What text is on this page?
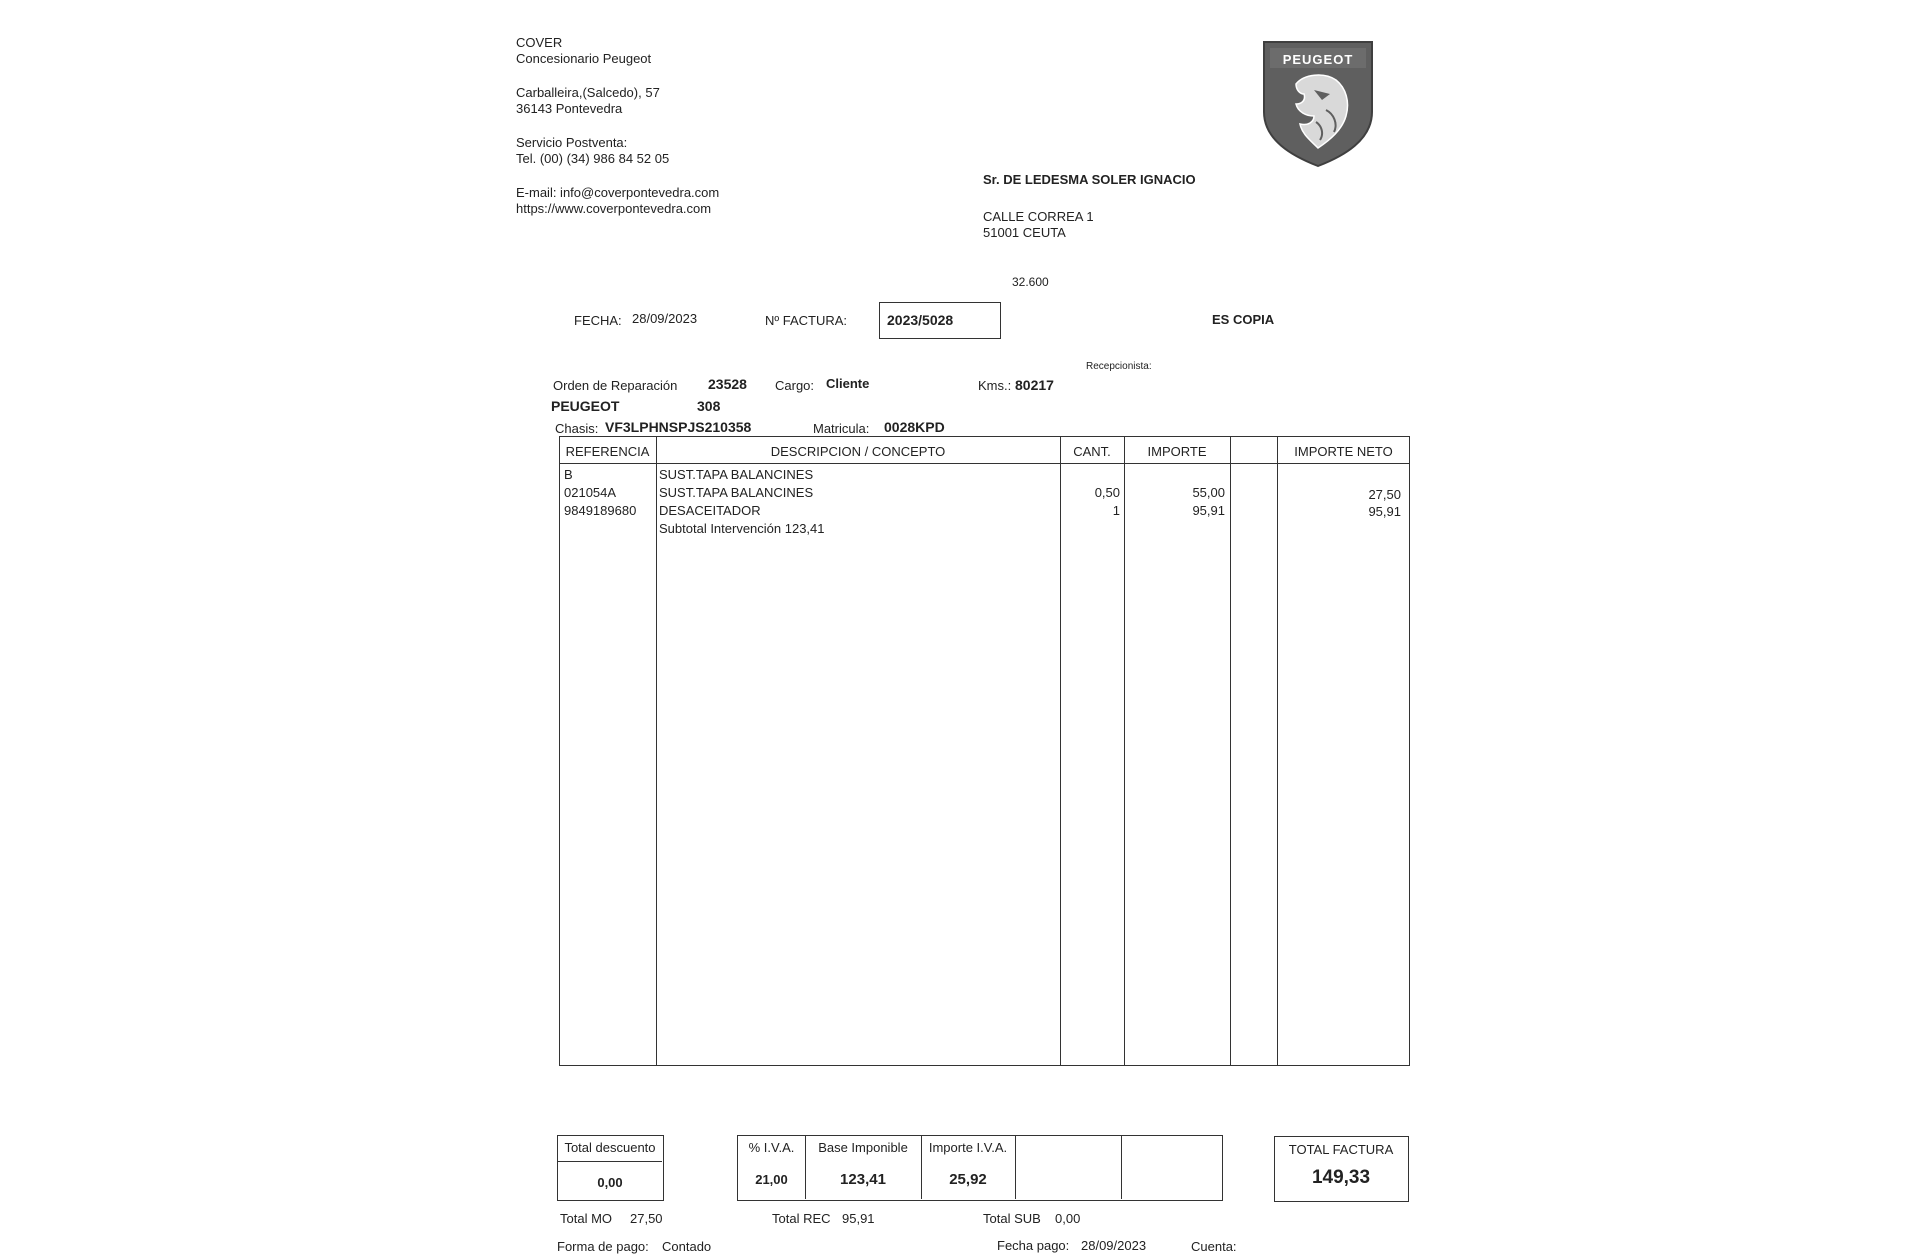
COVER
Concesionario Peugeot
Carballeira,(Salcedo), 57
36143 Pontevedra
Servicio Postventa:
Tel. (00) (34) 986 84 52 05
E-mail: info@coverpontevedra.com
https://www.coverpontevedra.com
PEUGEOT
Sr. DE LEDESMA SOLER IGNACIO
CALLE CORREA 1
51001 CEUTA
32.600
FECHA: 28/09/2023	Nº FACTURA:	2023/5028	ES COPIA
Recepcionista:
Orden de Reparación 23528 Cargo: Cliente	Kms.: 80217
PEUGEOT	308
Chasis: VF3LPHNSPJS210358	Matricula: 0028KPD
REFERENCIA	DESCRIPCION / CONCEPTO	CANT.	IMPORTE	IMPORTE NETO
B	SUST.TAPA BALANCINES
021054A	SUST.TAPA BALANCINES	0,50	55,00	27,50
9849189680 DESACEITADOR	1	95,91	95,91
Subtotal Intervención 123,41
Total descuento
0,00
% I.V.A.	Base Imponible	Importe I.V.A.
21,00	123,41	25,92
TOTAL FACTURA
149,33
Total MO 27,50	Total REC 95,91	Total SUB 0,00
Forma de pago: Contado	Fecha pago: 28/09/2023	Cuenta:
